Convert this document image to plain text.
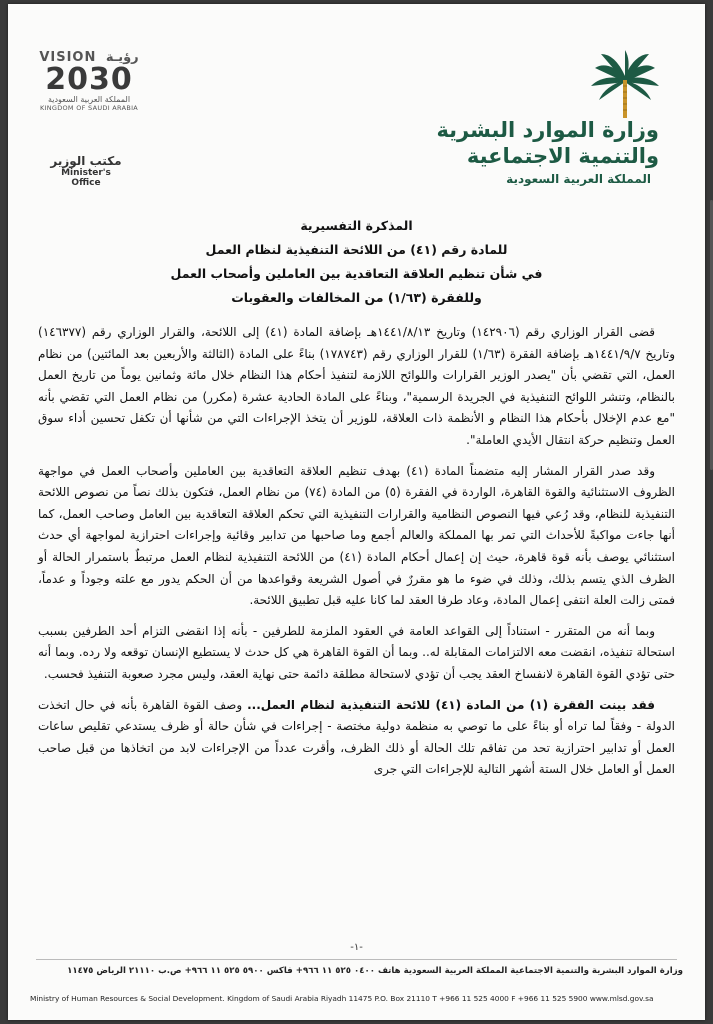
VISION رؤيـة
2030
المملكة العربية السعودية
KINGDOM OF SAUDI ARABIA
مكتب الوزير
Minister's Office
وزارة الموارد البشرية
والتنمية الاجتماعية
المملكة العربية السعودية
المذكرة التفسيرية
للمادة رقم (٤١) من اللائحة التنفيذية لنظام العمل
في شأن تنظيم العلاقة التعاقدية بين العاملين وأصحاب العمل
وللفقرة (١/٦٣) من المخالفات والعقوبات

قضى القرار الوزاري رقم (١٤٢٩٠٦) وتاريخ ١٤٤١/٨/١٣هـ بإضافة المادة (٤١) إلى اللائحة، والقرار الوزاري رقم (١٤٦٣٧٧) وتاريخ ١٤٤١/٩/٧هـ بإضافة الفقرة (١/٦٣) للقرار الوزاري رقم (١٧٨٧٤٣) بناءً على المادة (الثالثة والأربعين بعد المائتين) من نظام العمل، التي تقضي بأن "يصدر الوزير القرارات واللوائح اللازمة لتنفيذ أحكام هذا النظام خلال مائة وثمانين يوماً من تاريخ العمل بالنظام، وتنشر اللوائح التنفيذية في الجريدة الرسمية"، وبناءً على المادة الحادية عشرة (مكرر) من نظام العمل التي تقضي بأنه "مع عدم الإخلال بأحكام هذا النظام و الأنظمة ذات العلاقة، للوزير أن يتخذ الإجراءات التي من شأنها أن تكفل تحسين أداء سوق العمل وتنظيم حركة انتقال الأيدي العاملة".

وقد صدر القرار المشار إليه متضمناً المادة (٤١) بهدف تنظيم العلاقة التعاقدية بين العاملين وأصحاب العمل في مواجهة الظروف الاستثنائية والقوة القاهرة، الواردة في الفقرة (٥) من المادة (٧٤) من نظام العمل، فتكون بذلك نصاً من نصوص اللائحة التنفيذية للنظام، وقد رُعي فيها النصوص النظامية والقرارات التنفيذية التي تحكم العلاقة التعاقدية بين العامل وصاحب العمل، كما أنها جاءت مواكبةً للأحداث التي تمر بها المملكة والعالم أجمع وما صاحبها من تدابير وقائية وإجراءات احترازية لمواجهة أي حدث استثنائي يوصف بأنه قوة قاهرة، حيث إن إعمال أحكام المادة (٤١) من اللائحة التنفيذية لنظام العمل مرتبطٌ باستمرار الحالة أو الظرف الذي يتسم بذلك، وذلك في ضوء ما هو مقررٌ في أصول الشريعة وقواعدها من أن الحكم يدور مع علته وجوداً و عدماً، فمتى زالت العلة انتفى إعمال المادة، وعاد طرفا العقد لما كانا عليه قبل تطبيق اللائحة.

وبما أنه من المتقرر - استناداً إلى القواعد العامة في العقود الملزمة للطرفين - بأنه إذا انقضى التزام أحد الطرفين بسبب استحالة تنفيذه، انقضت معه الالتزامات المقابلة له.. وبما أن القوة القاهرة هي كل حدث لا يستطيع الإنسان توقعه ولا رده. وبما أنه حتى تؤدي القوة القاهرة لانفساخ العقد يجب أن تؤدي لاستحالة مطلقة دائمة حتى نهاية العقد، وليس مجرد صعوبة التنفيذ فحسب.

فقد بينت الفقرة (١) من المادة (٤١) للائحة التنفيذية لنظام العمل... وصف القوة القاهرة بأنه في حال اتخذت الدولة - وفقاً لما تراه أو بناءً على ما توصي به منظمة دولية مختصة - إجراءات في شأن حالة أو ظرف يستدعي تقليص ساعات العمل أو تدابير احترازية تحد من تفاقم تلك الحالة أو ذلك الظرف، وأقرت عدداً من الإجراءات لابد من اتخاذها من قبل صاحب العمل أو العامل خلال الستة أشهر التالية للإجراءات التي جرى

-١-
وزارة الموارد البشرية والتنمية الاجتماعية المملكة العربية السعودية هاتف ٠٤٠٠ ٥٢٥ ١١ ٩٦٦+ فاكس ٥٩٠٠ ٥٢٥ ١١ ٩٦٦+ ص.ب ٢١١١٠ الرياض ١١٤٧٥
Ministry of Human Resources & Social Development. Kingdom of Saudi Arabia Riyadh 11475 P.O. Box 21110 T +966 11 525 4000 F +966 11 525 5900 www.mlsd.gov.sa
